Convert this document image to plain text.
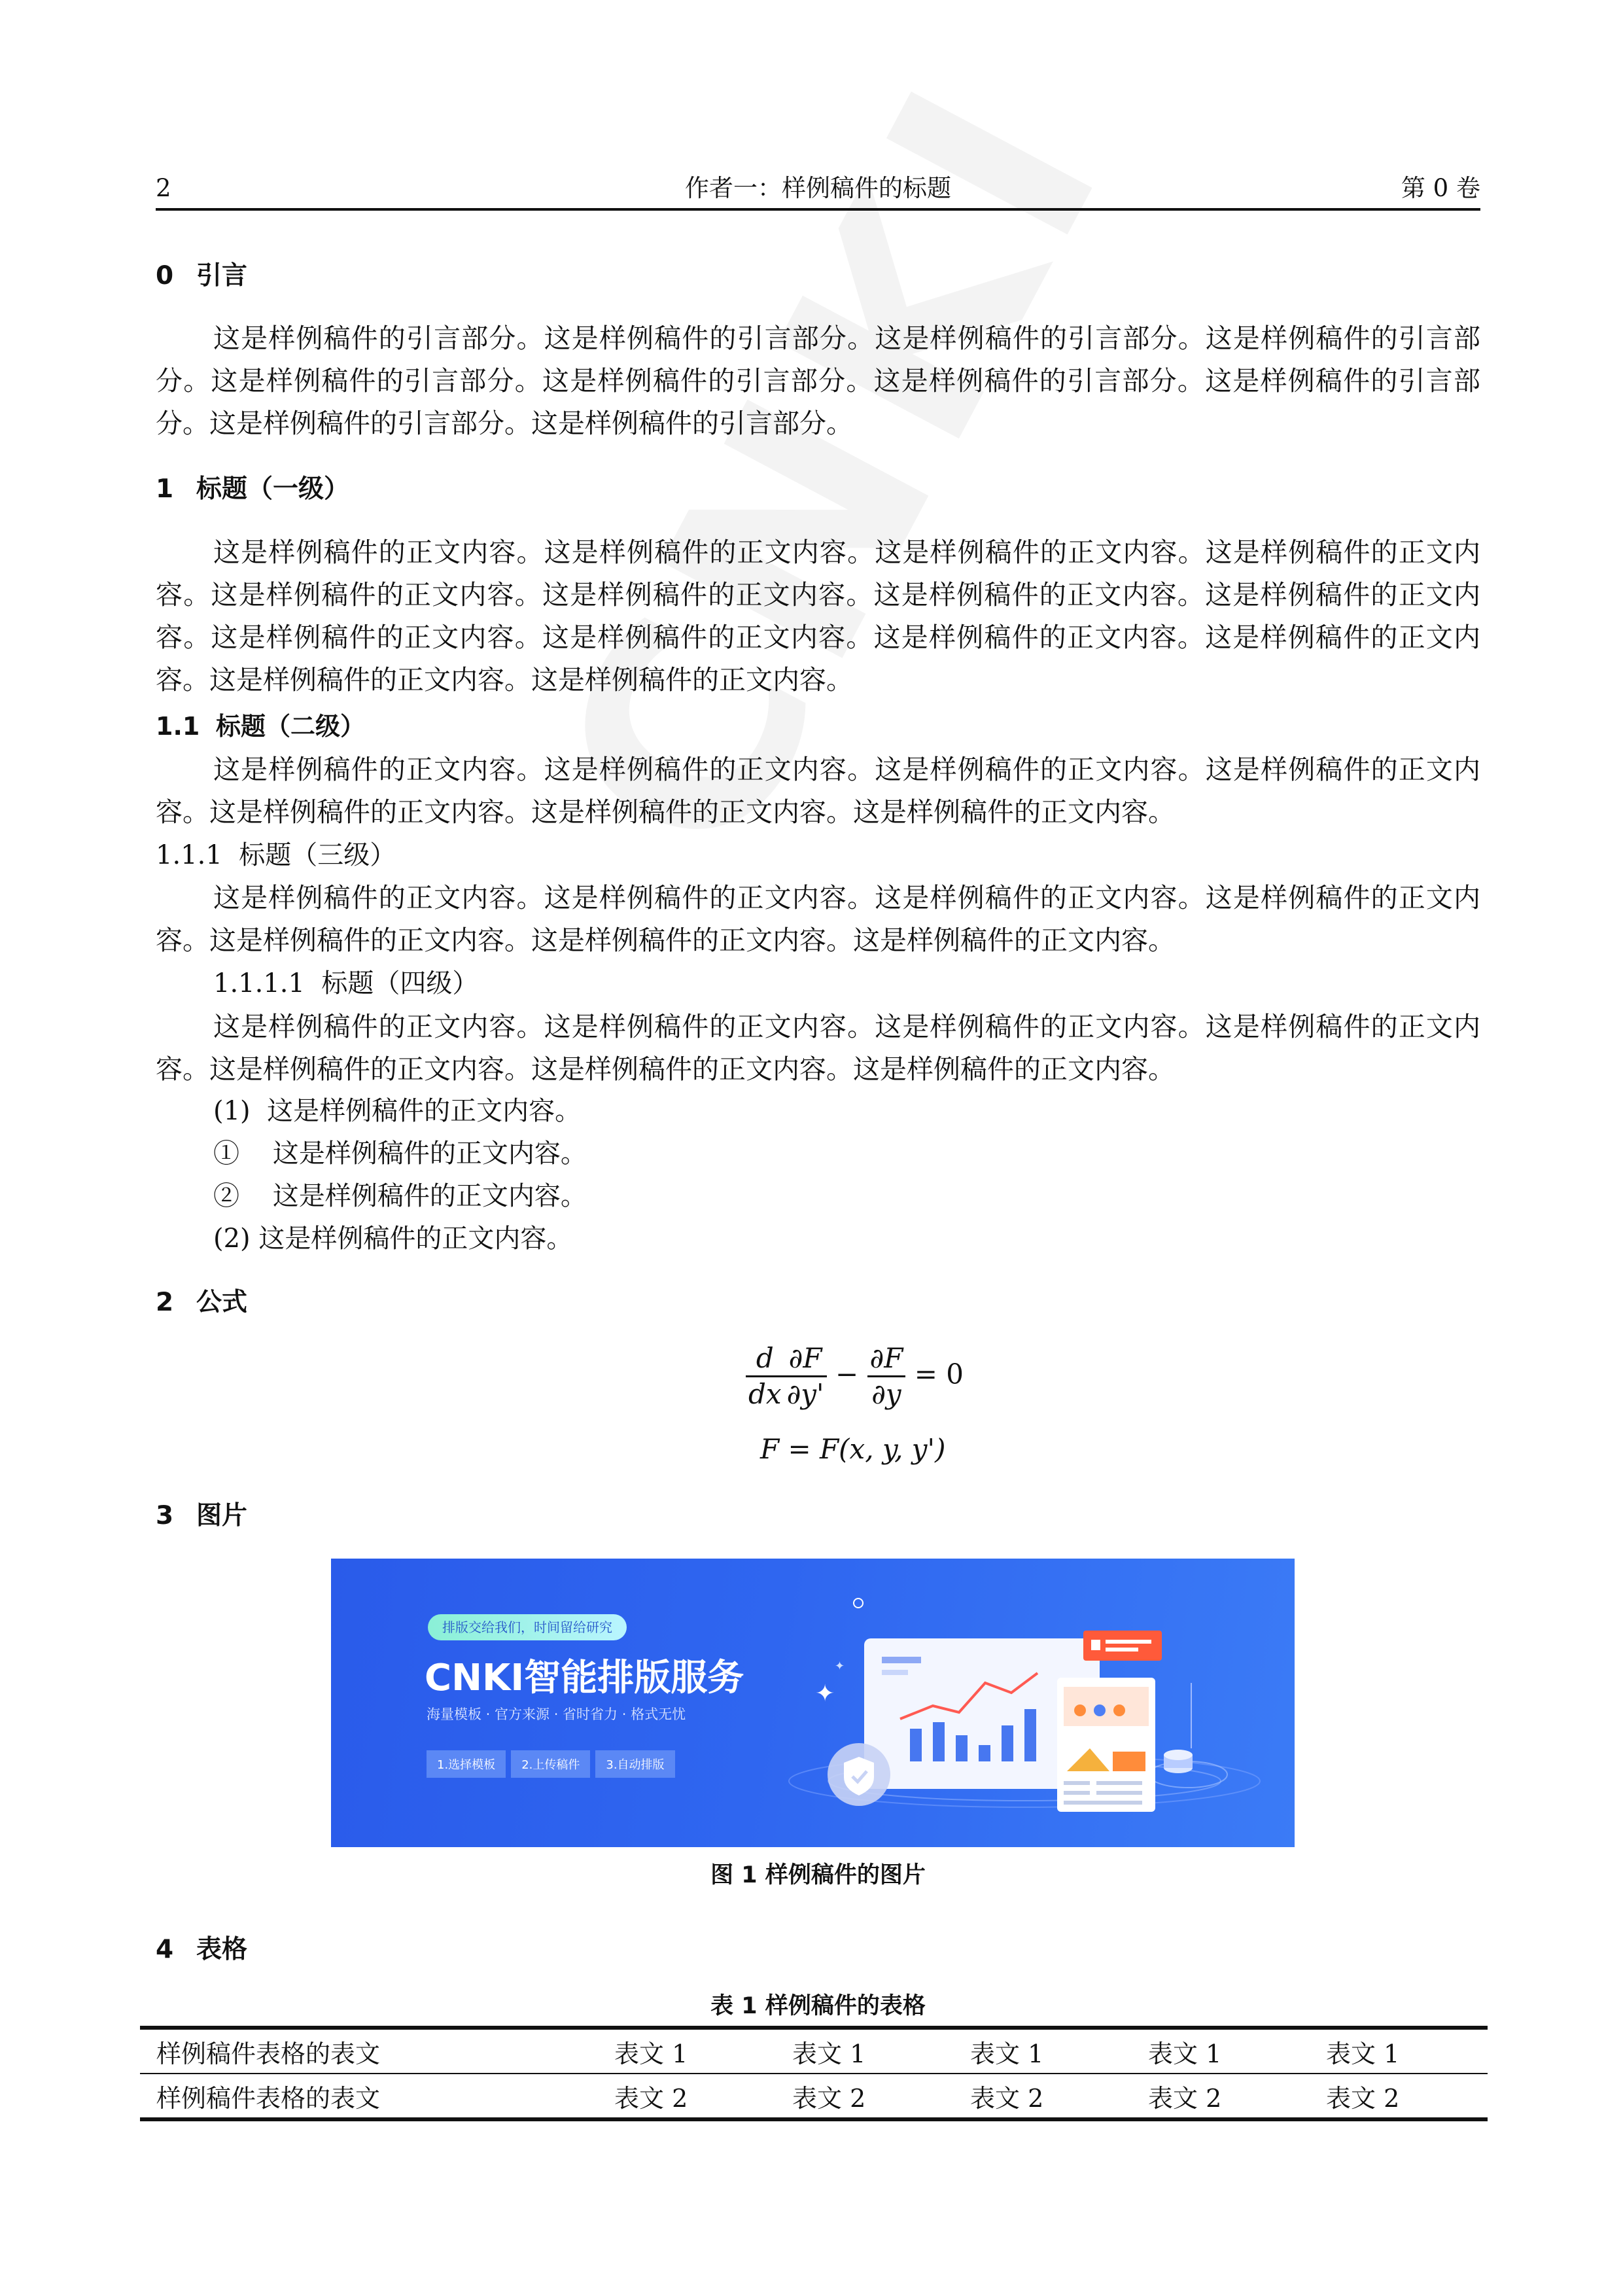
2	作者一：样例稿件的标题	第 0 卷
0 引言
这是样例稿件的引言部分。这是样例稿件的引言部分。这是样例稿件的引言部分。这是样例稿件的引言部分。这是样例稿件的引言部分。这是样例稿件的引言部分。这是样例稿件的引言部分。这是样例稿件的引言部分。这是样例稿件的引言部分。这是样例稿件的引言部分。
1 标题（一级）
这是样例稿件的正文内容。这是样例稿件的正文内容。这是样例稿件的正文内容。这是样例稿件的正文内容。这是样例稿件的正文内容。这是样例稿件的正文内容。这是样例稿件的正文内容。这是样例稿件的正文内容。这是样例稿件的正文内容。这是样例稿件的正文内容。这是样例稿件的正文内容。这是样例稿件的正文内容。这是样例稿件的正文内容。这是样例稿件的正文内容。
1.1 标题（二级）
这是样例稿件的正文内容。这是样例稿件的正文内容。这是样例稿件的正文内容。这是样例稿件的正文内容。这是样例稿件的正文内容。这是样例稿件的正文内容。这是样例稿件的正文内容。
1.1.1 标题（三级）
这是样例稿件的正文内容。这是样例稿件的正文内容。这是样例稿件的正文内容。这是样例稿件的正文内容。这是样例稿件的正文内容。这是样例稿件的正文内容。这是样例稿件的正文内容。
1.1.1.1 标题（四级）
这是样例稿件的正文内容。这是样例稿件的正文内容。这是样例稿件的正文内容。这是样例稿件的正文内容。这是样例稿件的正文内容。这是样例稿件的正文内容。这是样例稿件的正文内容。
(1) 这是样例稿件的正文内容。
① 这是样例稿件的正文内容。
② 这是样例稿件的正文内容。
(2) 这是样例稿件的正文内容。
2 公式
$\frac{d}{dx} \frac{\partial F}{\partial y'} - \frac{\partial F}{\partial y} = 0$
F = F(x, y, y')
3 图片
✦
✦
排版交给我们，时间留给研究
CNKI智能排版服务
海量模板 · 官方来源 · 省时省力 · 格式无忧
1.选择模板	2.上传稿件	3.自动排版
图 1 样例稿件的图片
4 表格
表 1 样例稿件的表格
样例稿件表格的表文	表文 1	表文 1	表文 1	表文 1	表文 1
样例稿件表格的表文	表文 2	表文 2	表文 2	表文 2	表文 2
